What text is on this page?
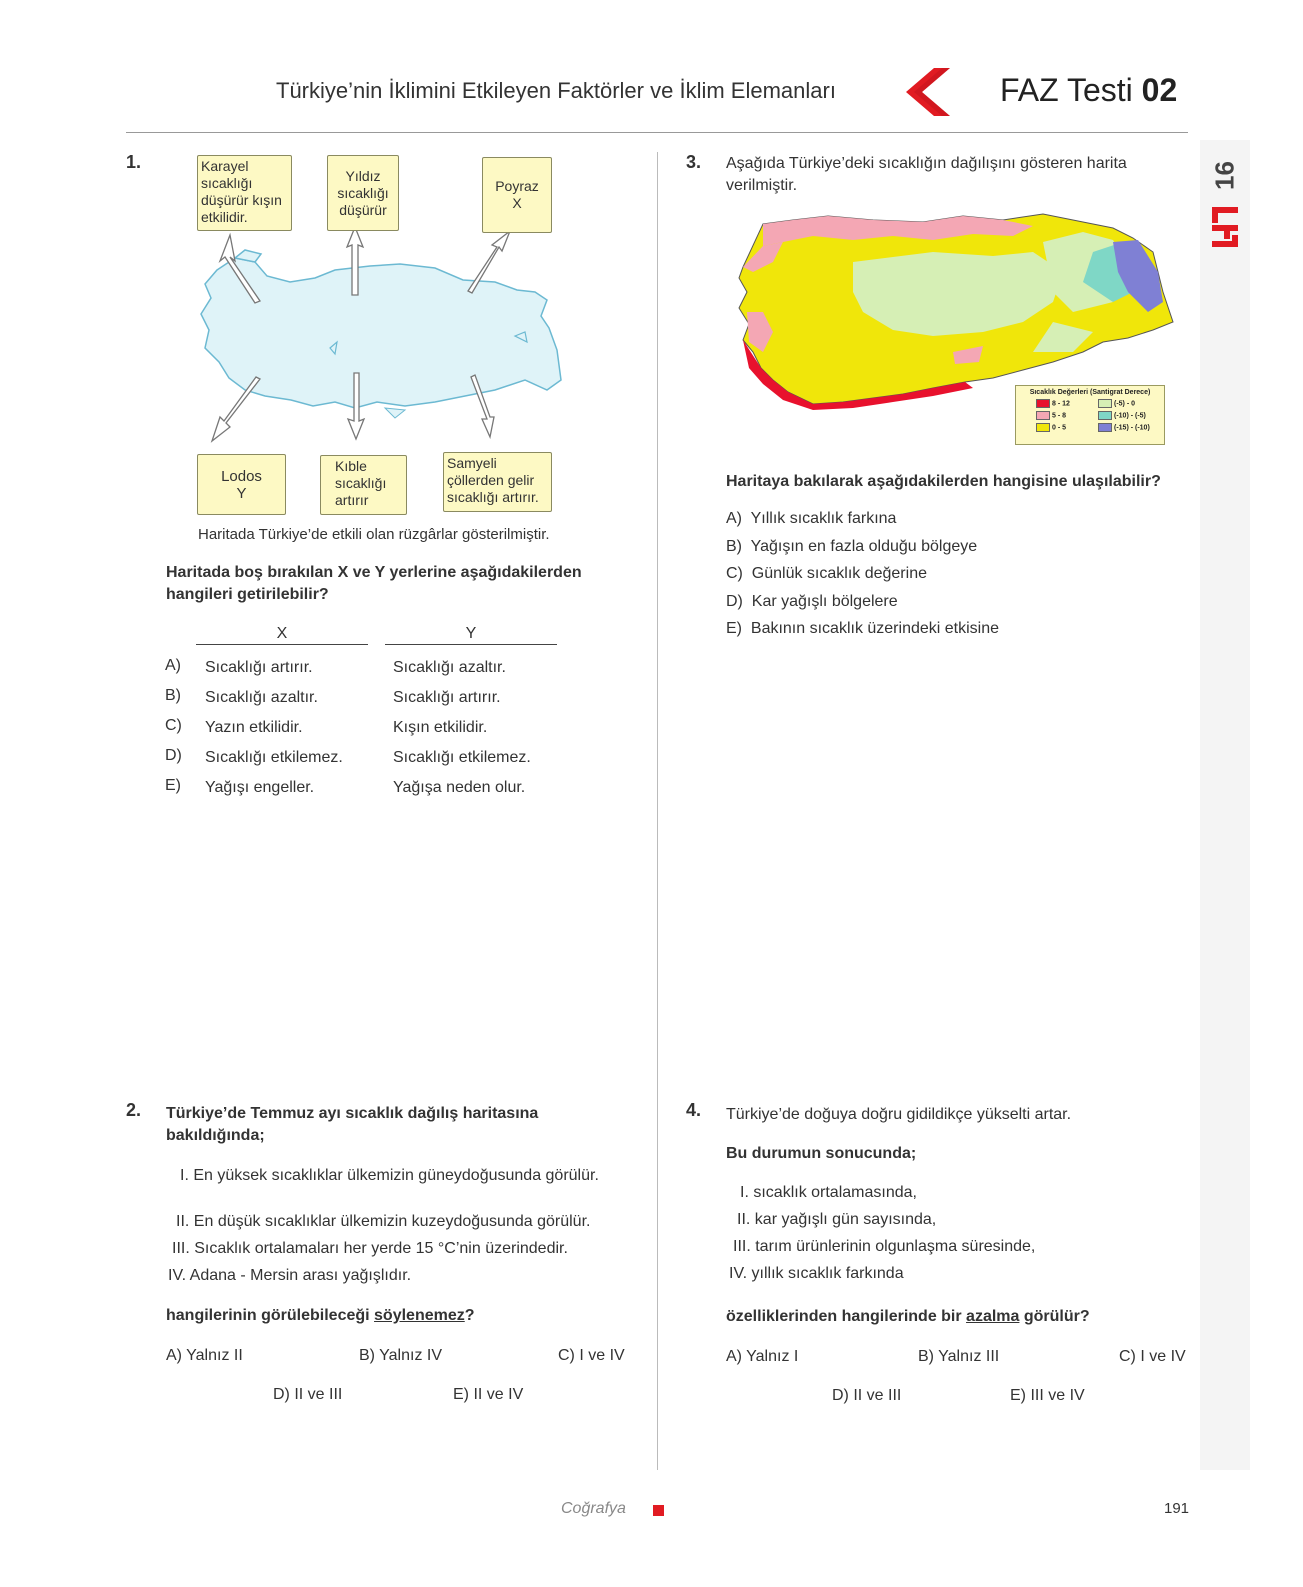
Türkiye’nin İklimini Etkileyen Faktörler ve İklim Elemanları	FAZ Testi 02
16
1.	Karayel sıcaklığı düşürür kışın etkilidir.
Yıldız sıcaklığı düşürür
Poyraz
X
Lodos
Y
Kıble sıcaklığı artırır
Samyeli çöllerden gelir sıcaklığı artırır.
Haritada Türkiye’de etkili olan rüzgârlar gösterilmiştir.
Haritada boş bırakılan X ve Y yerlerine aşağıdakilerden hangileri getirilebilir?
X	Y
A) Sıcaklığı artırır.	Sıcaklığı azaltır.
B) Sıcaklığı azaltır.	Sıcaklığı artırır.
C) Yazın etkilidir.	Kışın etkilidir.
D) Sıcaklığı etkilemez.	Sıcaklığı etkilemez.
E) Yağışı engeller.	Yağışa neden olur.
2. Türkiye’de Temmuz ayı sıcaklık dağılış haritasına bakıldığında;
I. En yüksek sıcaklıklar ülkemizin güneydoğusunda görülür.
II. En düşük sıcaklıklar ülkemizin kuzeydoğusunda görülür.
III. Sıcaklık ortalamaları her yerde 15 °C’nin üzerindedir.
IV. Adana - Mersin arası yağışlıdır.
hangilerinin görülebileceği söylenemez?
A) Yalnız II	B) Yalnız IV	C) I ve IV
D) II ve III	E) II ve IV
3. Aşağıda Türkiye’deki sıcaklığın dağılışını gösteren harita verilmiştir.
Sıcaklık Değerleri (Santigrat Derece)
8 - 12
5 - 8
0 - 5
(-5) - 0
(-10) - (-5)
(-15) - (-10)
Haritaya bakılarak aşağıdakilerden hangisine ulaşılabilir?
A) Yıllık sıcaklık farkına
B) Yağışın en fazla olduğu bölgeye
C) Günlük sıcaklık değerine
D) Kar yağışlı bölgelere
E) Bakının sıcaklık üzerindeki etkisine
4. Türkiye’de doğuya doğru gidildikçe yükselti artar.
Bu durumun sonucunda;
I. sıcaklık ortalamasında,
II. kar yağışlı gün sayısında,
III. tarım ürünlerinin olgunlaşma süresinde,
IV. yıllık sıcaklık farkında
özelliklerinden hangilerinde bir azalma görülür?
A) Yalnız I	B) Yalnız III	C) I ve IV
D) II ve III	E) III ve IV
Coğrafya	191
